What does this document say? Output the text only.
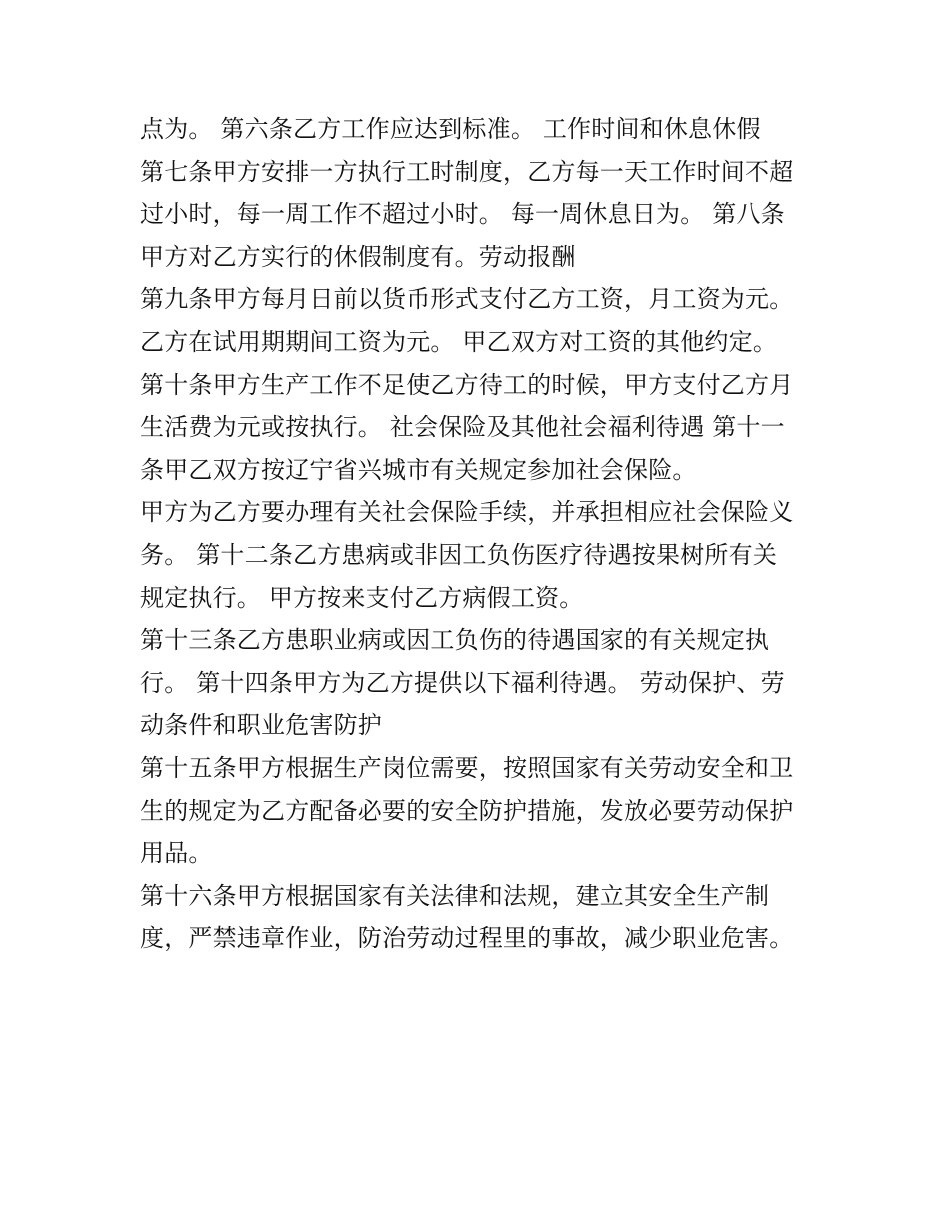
点为。 第六条乙方工作应达到标准。 工作时间和休息休假
第七条甲方安排一方执行工时制度，乙方每一天工作时间不超
过小时，每一周工作不超过小时。 每一周休息日为。 第八条
甲方对乙方实行的休假制度有。劳动报酬
第九条甲方每月日前以货币形式支付乙方工资，月工资为元。
乙方在试用期期间工资为元。 甲乙双方对工资的其他约定。
第十条甲方生产工作不足使乙方待工的时候，甲方支付乙方月
生活费为元或按执行。 社会保险及其他社会福利待遇 第十一
条甲乙双方按辽宁省兴城市有关规定参加社会保险。
甲方为乙方要办理有关社会保险手续，并承担相应社会保险义
务。 第十二条乙方患病或非因工负伤医疗待遇按果树所有关
规定执行。 甲方按来支付乙方病假工资。
第十三条乙方患职业病或因工负伤的待遇国家的有关规定执
行。 第十四条甲方为乙方提供以下福利待遇。 劳动保护、劳
动条件和职业危害防护
第十五条甲方根据生产岗位需要，按照国家有关劳动安全和卫
生的规定为乙方配备必要的安全防护措施，发放必要劳动保护
用品。
第十六条甲方根据国家有关法律和法规，建立其安全生产制
度，严禁违章作业，防治劳动过程里的事故，减少职业危害。
